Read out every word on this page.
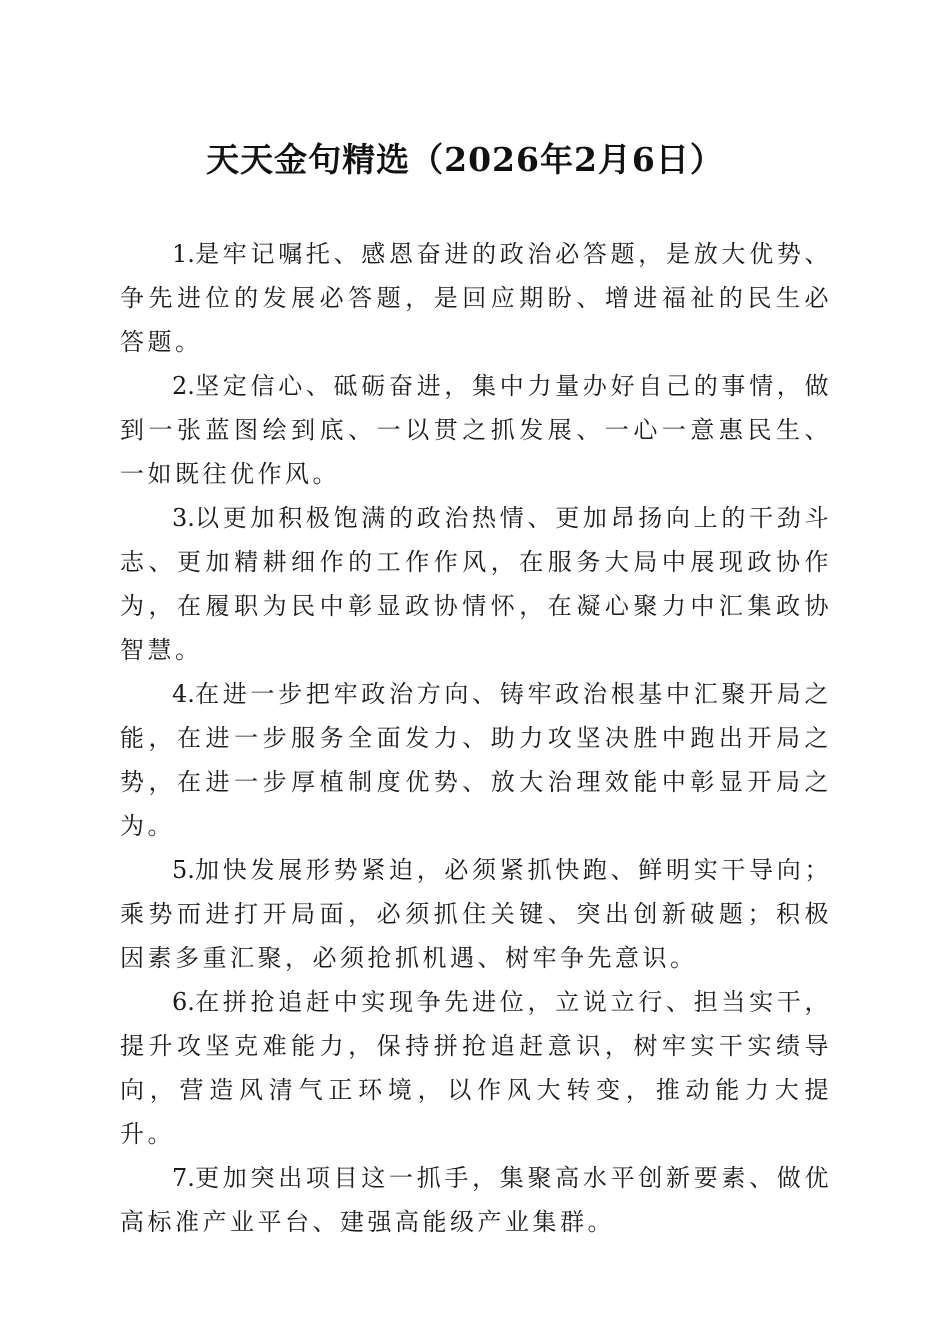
天天金句精选（2026年2月6日）

1.是牢记嘱托、感恩奋进的政治必答题，是放大优势、争先进位的发展必答题，是回应期盼、增进福祉的民生必答题。

2.坚定信心、砥砺奋进，集中力量办好自己的事情，做到一张蓝图绘到底、一以贯之抓发展、一心一意惠民生、一如既往优作风。

3.以更加积极饱满的政治热情、更加昂扬向上的干劲斗志、更加精耕细作的工作作风，在服务大局中展现政协作为，在履职为民中彰显政协情怀，在凝心聚力中汇集政协智慧。

4.在进一步把牢政治方向、铸牢政治根基中汇聚开局之能，在进一步服务全面发力、助力攻坚决胜中跑出开局之势，在进一步厚植制度优势、放大治理效能中彰显开局之为。

5.加快发展形势紧迫，必须紧抓快跑、鲜明实干导向；乘势而进打开局面，必须抓住关键、突出创新破题；积极因素多重汇聚，必须抢抓机遇、树牢争先意识。

6.在拼抢追赶中实现争先进位，立说立行、担当实干，提升攻坚克难能力，保持拼抢追赶意识，树牢实干实绩导向，营造风清气正环境，以作风大转变，推动能力大提升。

7.更加突出项目这一抓手，集聚高水平创新要素、做优高标准产业平台、建强高能级产业集群。
